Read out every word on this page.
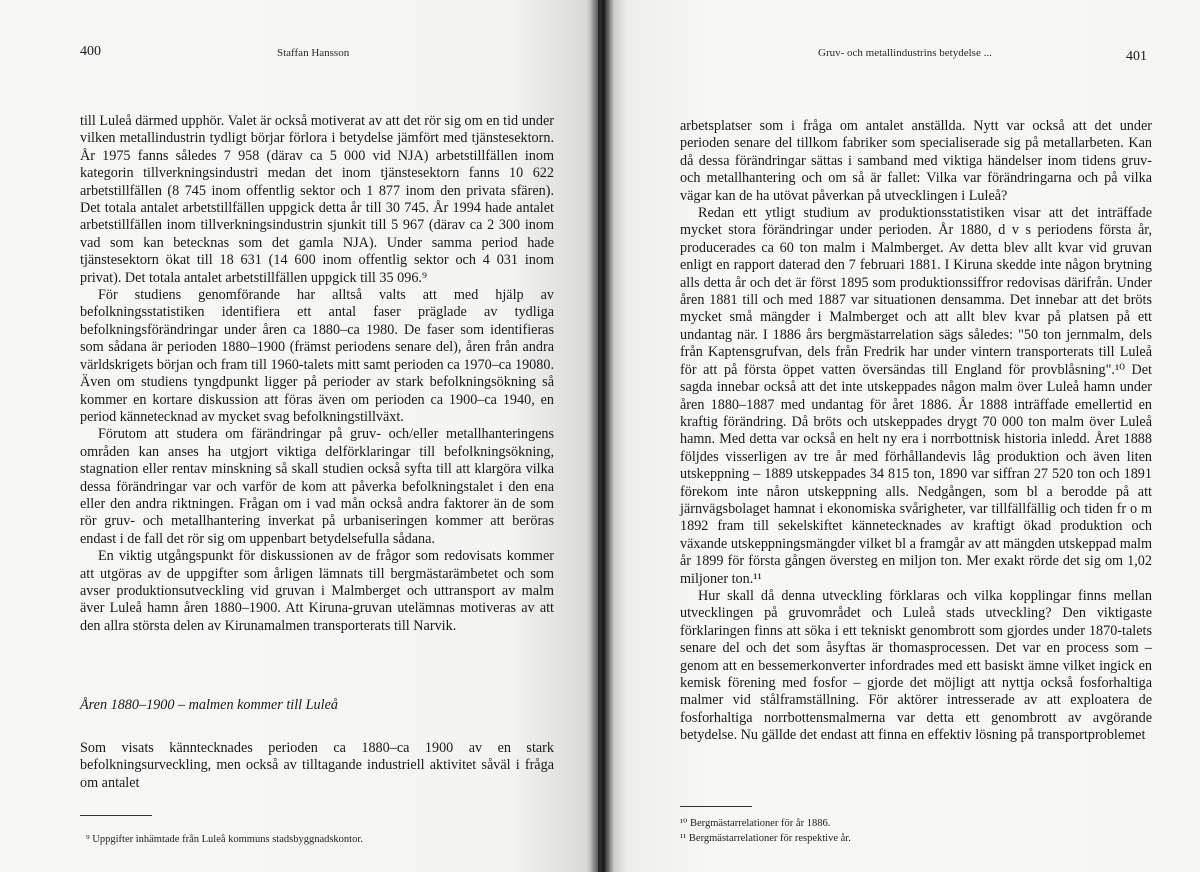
400	Staffan Hansson

till Luleå därmed upphör. Valet är också motiverat av att det rör sig om en tid under vilken metallindustrin tydligt börjar förlora i betydelse jämfört med tjänstesektorn. År 1975 fanns således 7 958 (därav ca 5 000 vid NJA) arbetstillfällen inom kategorin tillverkningsindustri medan det inom tjänstesektorn fanns 10 622 arbetstillfällen (8 745 inom offentlig sektor och 1 877 inom den privata sfären). Det totala antalet arbetstillfällen uppgick detta år till 30 745. År 1994 hade antalet arbetstillfällen inom tillverkningsindustrin sjunkit till 5 967 (därav ca 2 300 inom vad som kan betecknas som det gamla NJA). Under samma period hade tjänstesektorn ökat till 18 631 (14 600 inom offentlig sektor och 4 031 inom privat). Det totala antalet arbetstillfällen uppgick till 35 096.⁹

För studiens genomförande har alltså valts att med hjälp av befolkningsstatistiken identifiera ett antal faser präglade av tydliga befolkningsförändringar under åren ca 1880–ca 1980. De faser som identifieras som sådana är perioden 1880–1900 (främst periodens senare del), åren från andra världskrigets början och fram till 1960-talets mitt samt perioden ca 1970–ca 19080. Även om studiens tyngdpunkt ligger på perioder av stark befolkningsökning så kommer en kortare diskussion att föras även om perioden ca 1900–ca 1940, en period kännetecknad av mycket svag befolkningstillväxt.

Förutom att studera om färändringar på gruv- och/eller metallhanteringens områden kan anses ha utgjort viktiga delförklaringar till befolkningsökning, stagnation eller rentav minskning så skall studien också syfta till att klargöra vilka dessa förändringar var och varför de kom att påverka befolkningstalet i den ena eller den andra riktningen. Frågan om i vad mån också andra faktorer än de som rör gruv- och metallhantering inverkat på urbaniseringen kommer att beröras endast i de fall det rör sig om uppenbart betydelsefulla sådana.

En viktig utgångspunkt för diskussionen av de frågor som redovisats kommer att utgöras av de uppgifter som årligen lämnats till bergmästarämbetet och som avser produktionsutveckling vid gruvan i Malmberget och uttransport av malm äver Luleå hamn åren 1880–1900. Att Kiruna-gruvan utelämnas motiveras av att den allra största delen av Kirunamalmen transporterats till Narvik.

Åren 1880–1900 – malmen kommer till Luleå

Som visats känntecknades perioden ca 1880–ca 1900 av en stark befolkningsurveckling, men också av tilltagande industriell aktivitet såväl i fråga om antalet

⁹ Uppgifter inhämtade från Luleå kommuns stadsbyggnadskontor.
Gruv- och metallindustrins betydelse ...	401

arbetsplatser som i fråga om antalet anställda. Nytt var också att det under perioden senare del tillkom fabriker som specialiserade sig på metallarbeten. Kan då dessa förändringar sättas i samband med viktiga händelser inom tidens gruv- och metallhantering och om så är fallet: Vilka var förändringarna och på vilka vägar kan de ha utövat påverkan på utvecklingen i Luleå?

Redan ett ytligt studium av produktionsstatistiken visar att det inträffade mycket stora förändringar under perioden. År 1880, d v s periodens första år, producerades ca 60 ton malm i Malmberget. Av detta blev allt kvar vid gruvan enligt en rapport daterad den 7 februari 1881. I Kiruna skedde inte någon brytning alls detta år och det är först 1895 som produktionssiffror redovisas därifrån. Under åren 1881 till och med 1887 var situationen densamma. Det innebar att det bröts mycket små mängder i Malmberget och att allt blev kvar på platsen på ett undantag när. I 1886 års bergmästarrelation sägs således: "50 ton jernmalm, dels från Kaptensgrufvan, dels från Fredrik har under vintern transporterats till Luleå för att på första öppet vatten översändas till England för provblåsning".¹⁰ Det sagda innebar också att det inte utskeppades någon malm över Luleå hamn under åren 1880–1887 med undantag för året 1886. År 1888 inträffade emellertid en kraftig förändring. Då bröts och utskeppades drygt 70 000 ton malm över Luleå hamn. Med detta var också en helt ny era i norrbottnisk historia inledd. Året 1888 följdes visserligen av tre år med förhållandevis låg produktion och även liten utskeppning – 1889 utskeppades 34 815 ton, 1890 var siffran 27 520 ton och 1891 förekom inte nåron utskeppning alls. Nedgången, som bl a berodde på att järnvägsbolaget hamnat i ekonomiska svårigheter, var tillfällfällig och tiden fr o m 1892 fram till sekelskiftet kännetecknades av kraftigt ökad produktion och växande utskeppningsmängder vilket bl a framgår av att mängden utskeppad malm år 1899 för första gången översteg en miljon ton. Mer exakt rörde det sig om 1,02 miljoner ton.¹¹

Hur skall då denna utveckling förklaras och vilka kopplingar finns mellan utvecklingen på gruvområdet och Luleå stads utveckling? Den viktigaste förklaringen finns att söka i ett tekniskt genombrott som gjordes under 1870-talets senare del och det som åsyftas är thomasprocessen. Det var en process som – genom att en bessemerkonverter infordrades med ett basiskt ämne vilket ingick en kemisk förening med fosfor – gjorde det möjligt att nyttja också fosforhaltiga malmer vid stålframställning. För aktörer intresserade av att exploatera de fosforhaltiga norrbottensmalmerna var detta ett genombrott av avgörande betydelse. Nu gällde det endast att finna en effektiv lösning på transportproblemet

¹⁰ Bergmästarrelationer för år 1886.
¹¹ Bergmästarrelationer för respektive år.
